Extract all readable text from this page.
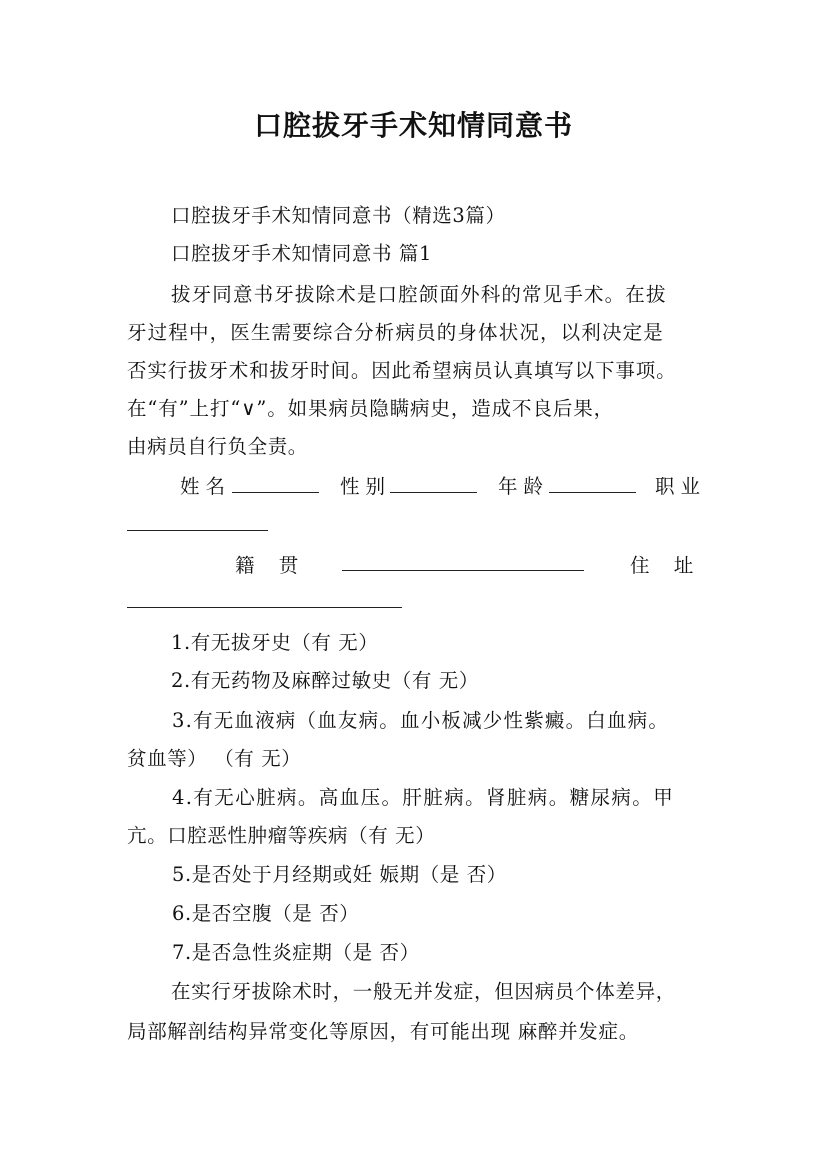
口腔拔牙手术知情同意书
口腔拔牙手术知情同意书（精选3篇）
口腔拔牙手术知情同意书 篇1
拔牙同意书牙拔除术是口腔颌面外科的常见手术。在拔
牙过程中，医生需要综合分析病员的身体状况，以利决定是
否实行拔牙术和拔牙时间。因此希望病员认真填写以下事项。
在“有”上打“∨”。如果病员隐瞒病史，造成不良后果，
由病员自行负全责。
姓名	性别	年龄	职业
籍 贯	住 址
1.有无拔牙史（有 无）
2.有无药物及麻醉过敏史（有 无）
3.有无血液病（血友病。血小板减少性紫癜。白血病。
贫血等） （有 无）
4.有无心脏病。高血压。肝脏病。肾脏病。糖尿病。甲
亢。口腔恶性肿瘤等疾病（有 无）
5.是否处于月经期或妊 娠期（是 否）
6.是否空腹（是 否）
7.是否急性炎症期（是 否）
在实行牙拔除术时，一般无并发症，但因病员个体差异，
局部解剖结构异常变化等原因，有可能出现 麻醉并发症。
